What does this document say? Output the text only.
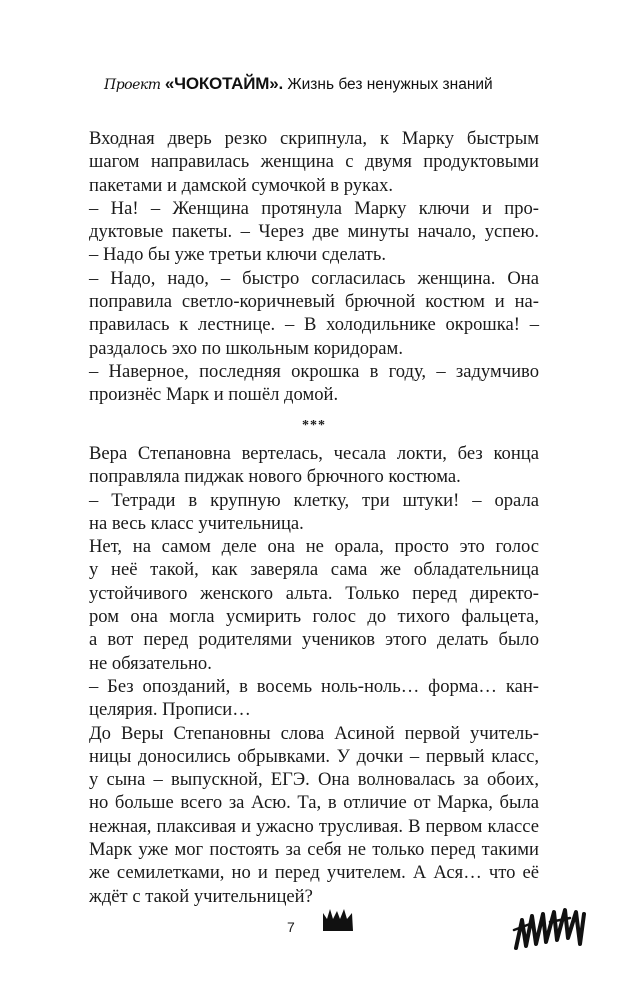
Проект «ЧОКОТАЙМ». Жизнь без ненужных знаний
Входная дверь резко скрипнула, к Марку быстрым
шагом направилась женщина с двумя продуктовыми
пакетами и дамской сумочкой в руках.
– На! – Женщина протянула Марку ключи и про-
дуктовые пакеты. – Через две минуты начало, успею.
– Надо бы уже третьи ключи сделать.
– Надо, надо, – быстро согласилась женщина. Она
поправила светло-коричневый брючной костюм и на-
правилась к лестнице. – В холодильнике окрошка! –
раздалось эхо по школьным коридорам.
– Наверное, последняя окрошка в году, – задумчиво
произнёс Марк и пошёл домой.
***
Вера Степановна вертелась, чесала локти, без конца
поправляла пиджак нового брючного костюма.
– Тетради в крупную клетку, три штуки! – орала
на весь класс учительница.
Нет, на самом деле она не орала, просто это голос
у неё такой, как заверяла сама же обладательница
устойчивого женского альта. Только перед директо-
ром она могла усмирить голос до тихого фальцета,
а вот перед родителями учеников этого делать было
не обязательно.
– Без опозданий, в восемь ноль-ноль… форма… кан-
целярия. Прописи…
До Веры Степановны слова Асиной первой учитель-
ницы доносились обрывками. У дочки – первый класс,
у сына – выпускной, ЕГЭ. Она волновалась за обоих,
но больше всего за Асю. Та, в отличие от Марка, была
нежная, плаксивая и ужасно трусливая. В первом классе
Марк уже мог постоять за себя не только перед такими
же семилетками, но и перед учителем. А Ася… что её
ждёт с такой учительницей?
7
